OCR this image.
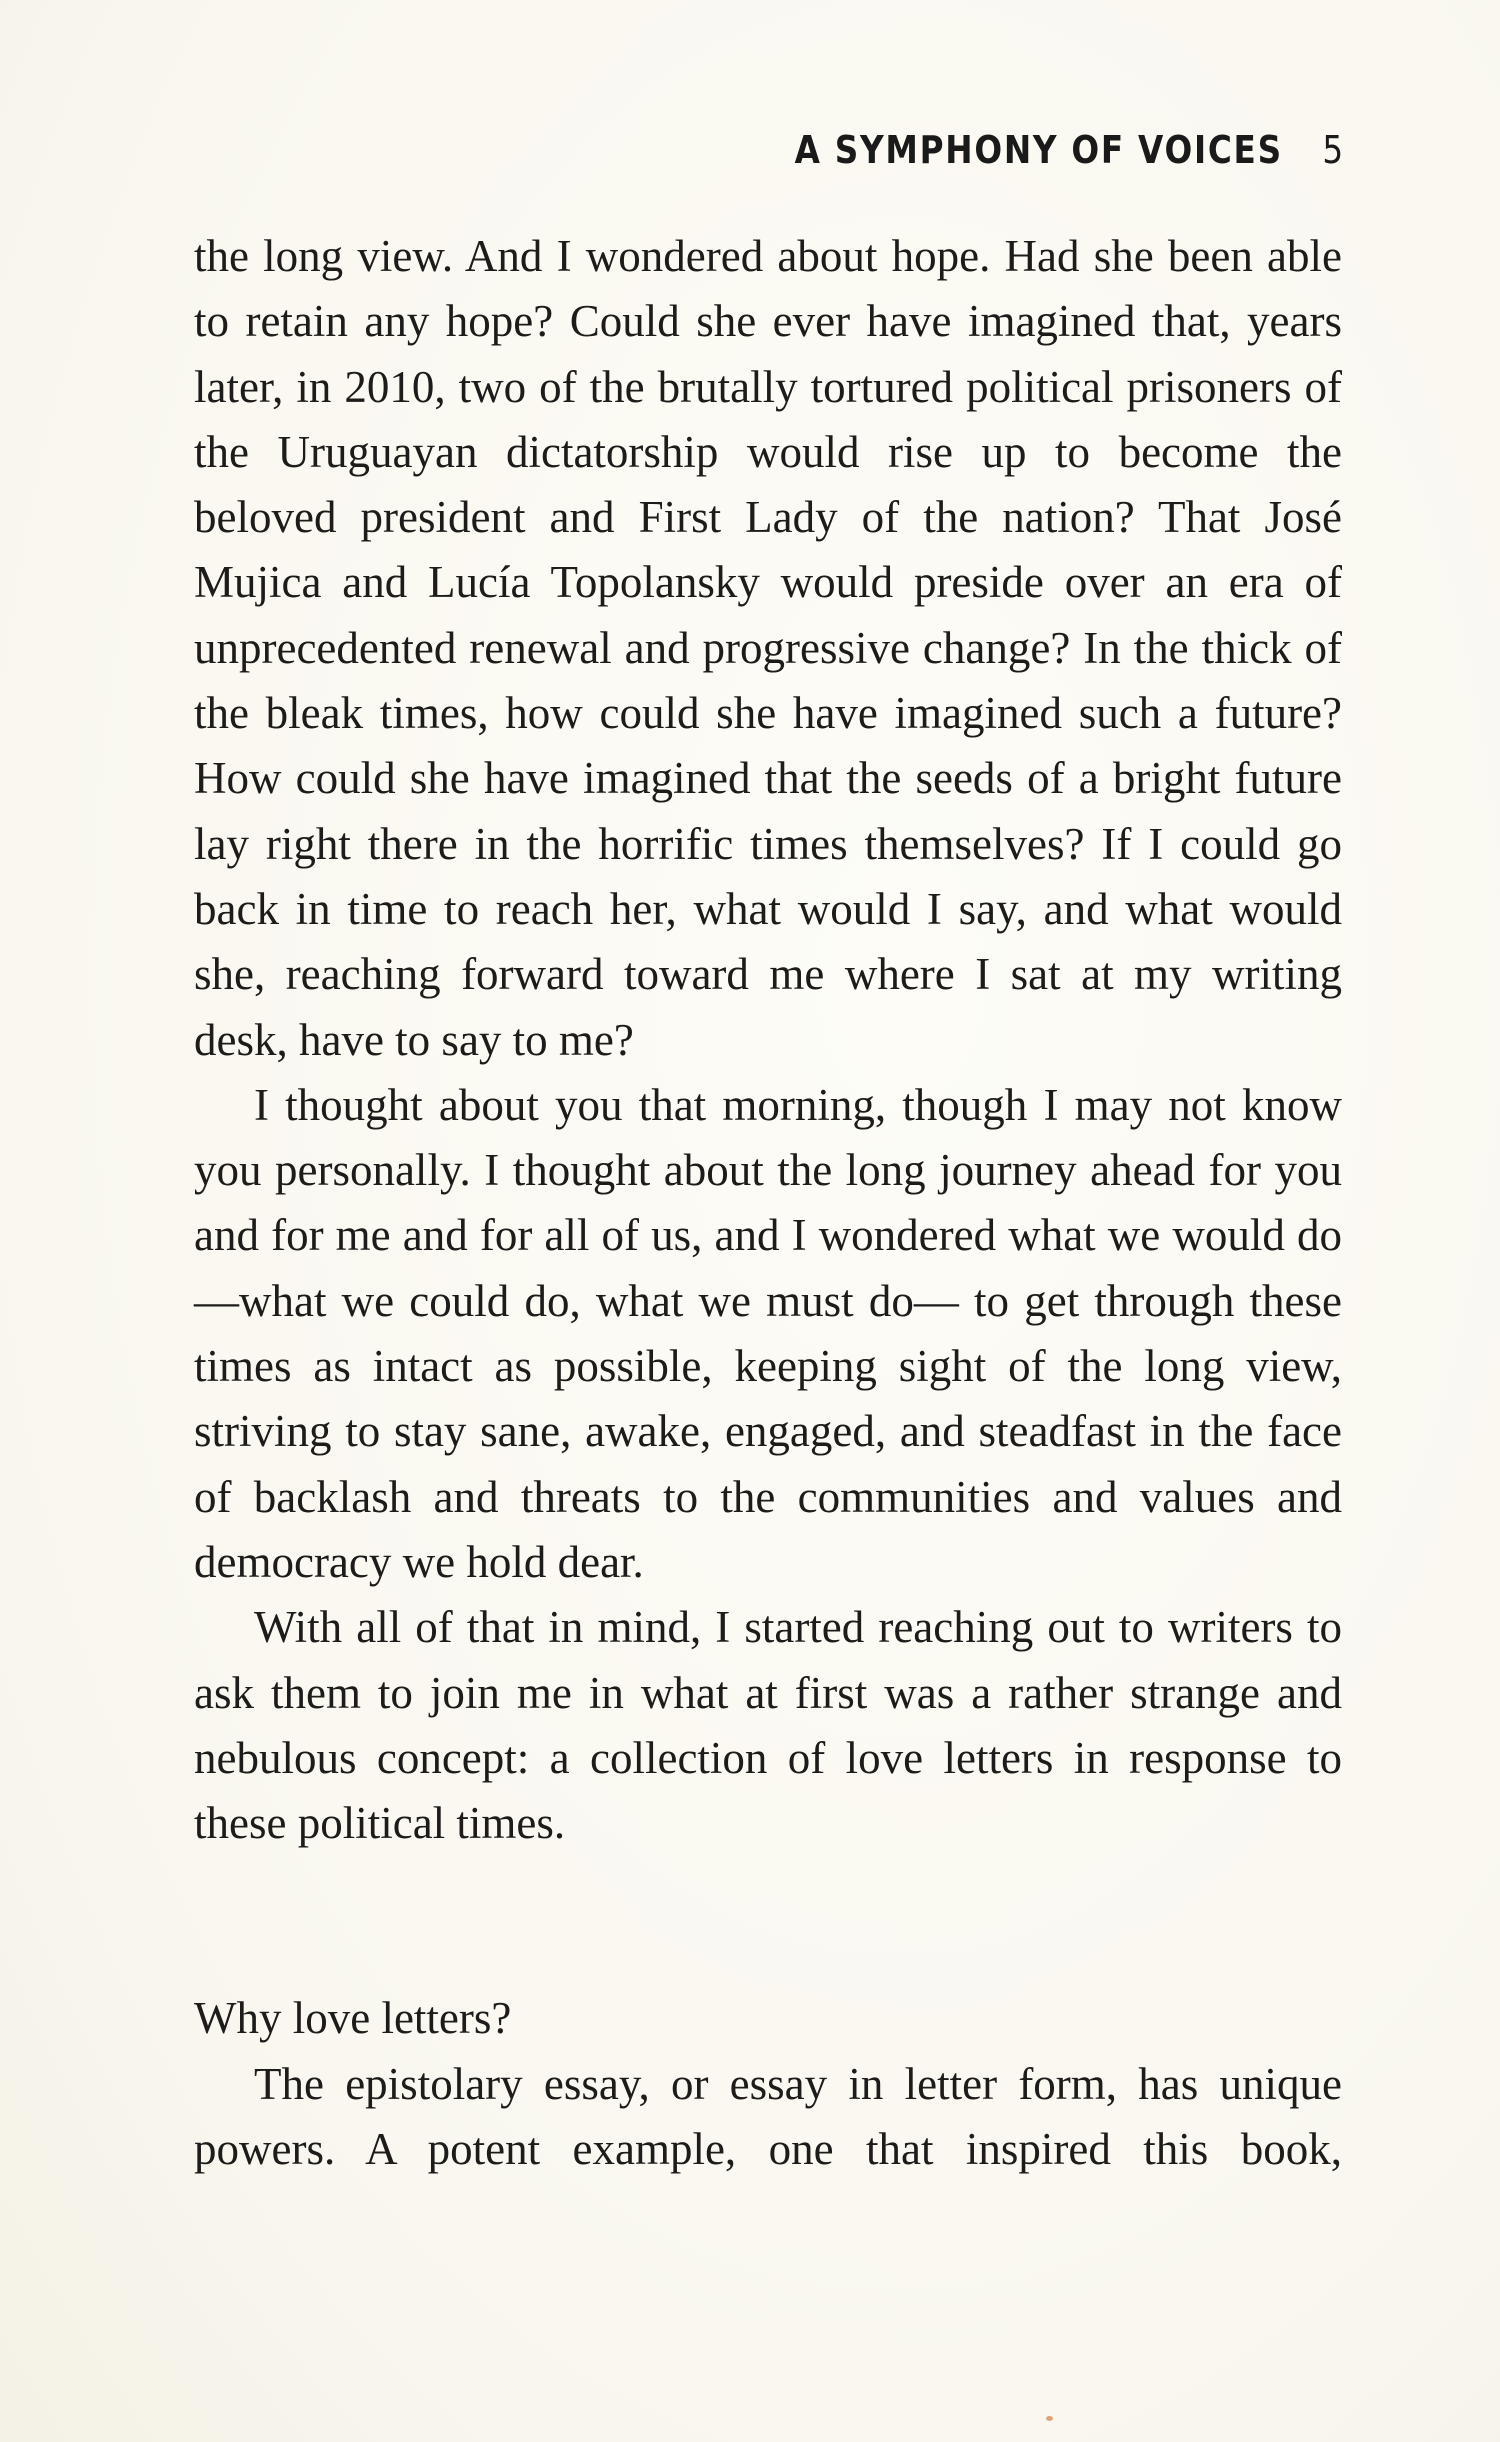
A SYMPHONY OF VOICES 5

the long view. And I wondered about hope. Had she been able to retain any hope? Could she ever have imagined that, years later, in 2010, two of the brutally tortured political prisoners of the Uruguayan dictatorship would rise up to become the beloved president and First Lady of the nation? That José Mujica and Lucía Topolansky would preside over an era of unprecedented renewal and progressive change? In the thick of the bleak times, how could she have imagined such a future? How could she have imagined that the seeds of a bright future lay right there in the horrific times themselves? If I could go back in time to reach her, what would I say, and what would she, reaching forward toward me where I sat at my writing desk, have to say to me?

I thought about you that morning, though I may not know you personally. I thought about the long journey ahead for you and for me and for all of us, and I wondered what we would do—what we could do, what we must do— to get through these times as intact as possible, keeping sight of the long view, striving to stay sane, awake, engaged, and steadfast in the face of backlash and threats to the communities and values and democracy we hold dear.

With all of that in mind, I started reaching out to writers to ask them to join me in what at first was a rather strange and nebulous concept: a collection of love letters in response to these political times.

Why love letters?

The epistolary essay, or essay in letter form, has unique powers. A potent example, one that inspired this book,
